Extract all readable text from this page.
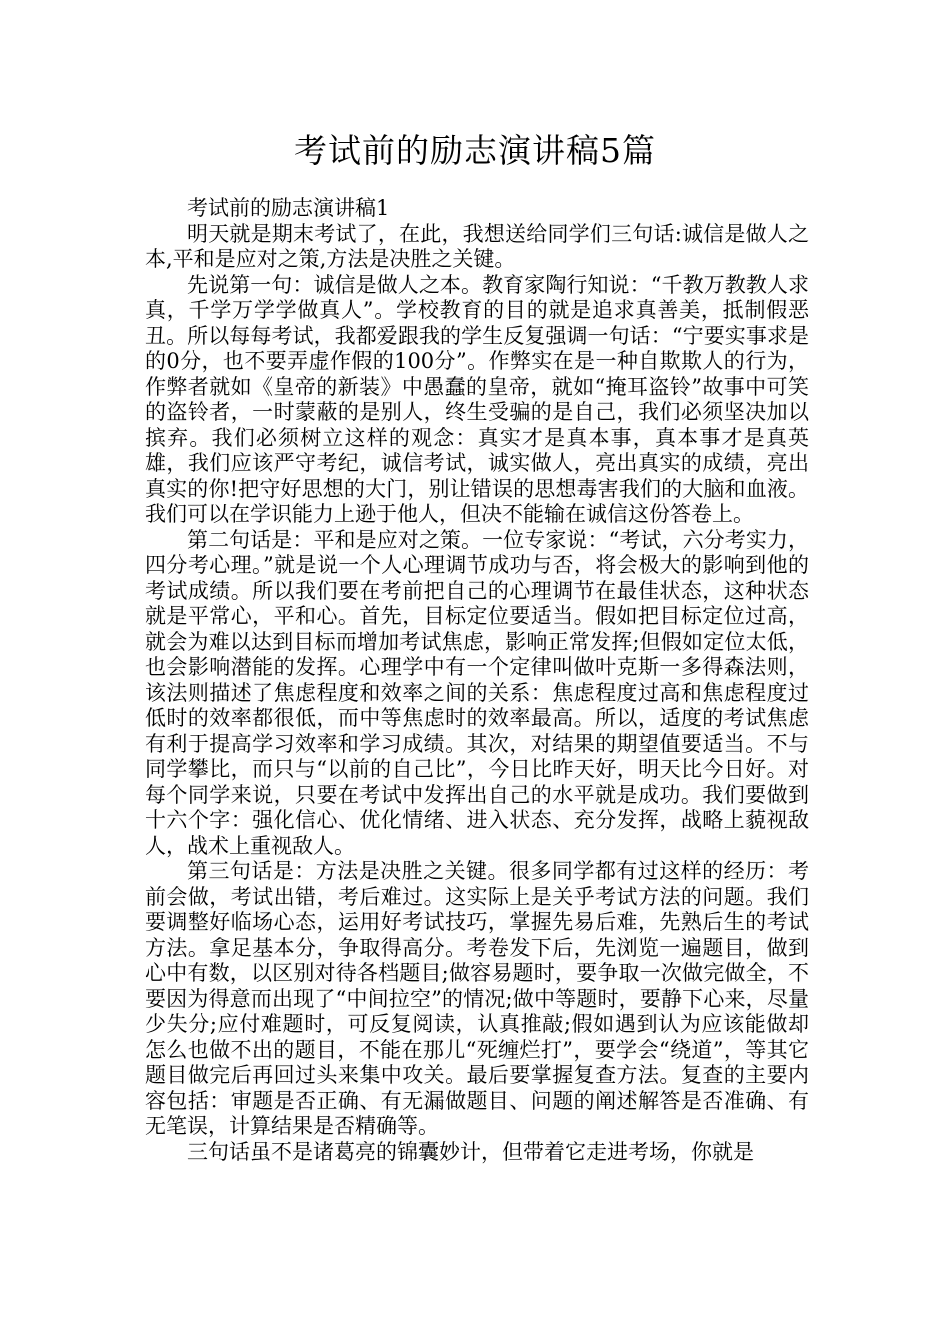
考试前的励志演讲稿5篇

考试前的励志演讲稿1

明天就是期末考试了，在此，我想送给同学们三句话:诚信是做人之本,平和是应对之策,方法是决胜之关键。

先说第一句：诚信是做人之本。教育家陶行知说：“千教万教教人求真，千学万学学做真人”。学校教育的目的就是追求真善美，抵制假恶丑。所以每每考试，我都爱跟我的学生反复强调一句话：“宁要实事求是的0分，也不要弄虚作假的100分”。作弊实在是一种自欺欺人的行为，作弊者就如《皇帝的新装》中愚蠢的皇帝，就如“掩耳盗铃”故事中可笑的盗铃者，一时蒙蔽的是别人，终生受骗的是自己，我们必须坚决加以摈弃。我们必须树立这样的观念：真实才是真本事，真本事才是真英雄，我们应该严守考纪，诚信考试，诚实做人，亮出真实的成绩，亮出真实的你!把守好思想的大门，别让错误的思想毒害我们的大脑和血液。我们可以在学识能力上逊于他人，但决不能输在诚信这份答卷上。

第二句话是：平和是应对之策。一位专家说：“考试，六分考实力，四分考心理。”就是说一个人心理调节成功与否，将会极大的影响到他的考试成绩。所以我们要在考前把自己的心理调节在最佳状态，这种状态就是平常心，平和心。首先，目标定位要适当。假如把目标定位过高，就会为难以达到目标而增加考试焦虑，影响正常发挥;但假如定位太低，也会影响潜能的发挥。心理学中有一个定律叫做叶克斯一多得森法则，该法则描述了焦虑程度和效率之间的关系：焦虑程度过高和焦虑程度过低时的效率都很低，而中等焦虑时的效率最高。所以，适度的考试焦虑有利于提高学习效率和学习成绩。其次，对结果的期望值要适当。不与同学攀比，而只与“以前的自己比”，今日比昨天好，明天比今日好。对每个同学来说，只要在考试中发挥出自己的水平就是成功。我们要做到十六个字：强化信心、优化情绪、进入状态、充分发挥，战略上藐视敌人，战术上重视敌人。

第三句话是：方法是决胜之关键。很多同学都有过这样的经历：考前会做，考试出错，考后难过。这实际上是关乎考试方法的问题。我们要调整好临场心态，运用好考试技巧，掌握先易后难，先熟后生的考试方法。拿足基本分，争取得高分。考卷发下后，先浏览一遍题目，做到心中有数，以区别对待各档题目;做容易题时，要争取一次做完做全，不要因为得意而出现了“中间拉空”的情况;做中等题时，要静下心来，尽量少失分;应付难题时，可反复阅读，认真推敲;假如遇到认为应该能做却怎么也做不出的题目，不能在那儿“死缠烂打”，要学会“绕道”，等其它题目做完后再回过头来集中攻关。最后要掌握复查方法。复查的主要内容包括：审题是否正确、有无漏做题目、问题的阐述解答是否准确、有无笔误，计算结果是否精确等。

三句话虽不是诸葛亮的锦囊妙计，但带着它走进考场，你就是
